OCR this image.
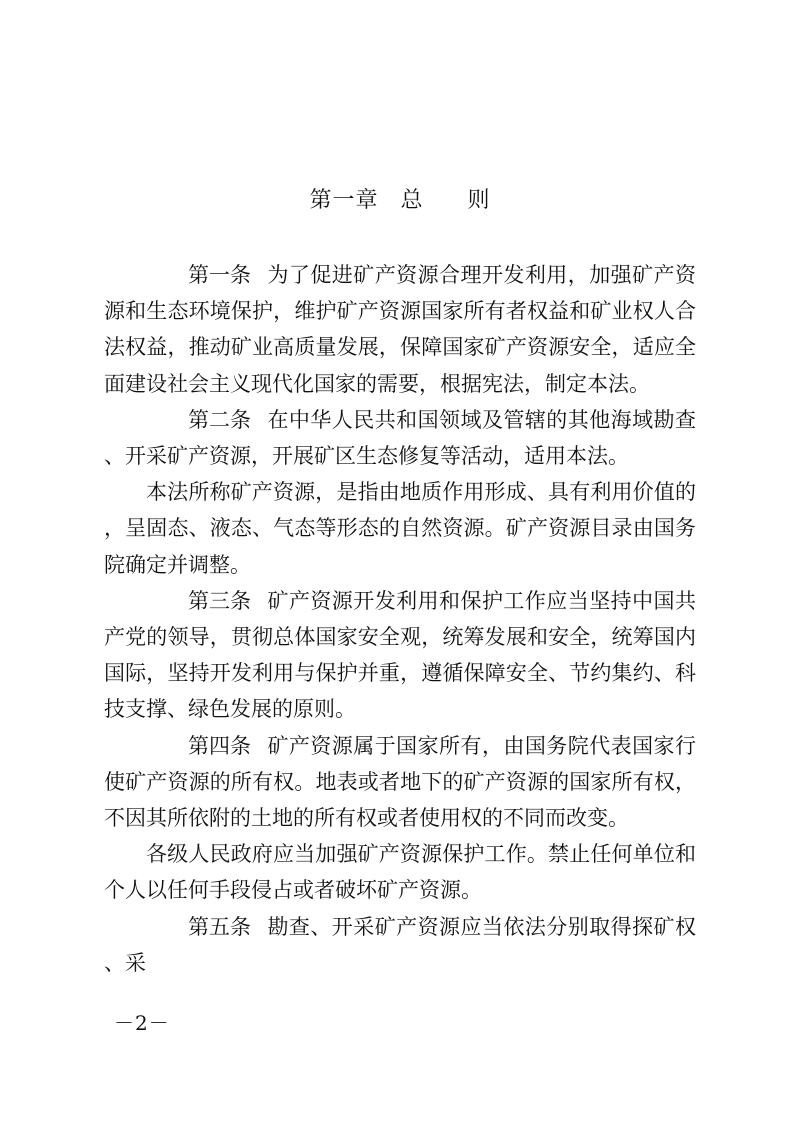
第一章 总 则

第一条 为了促进矿产资源合理开发利用，加强矿产资源和生态环境保护，维护矿产资源国家所有者权益和矿业权人合法权益，推动矿业高质量发展，保障国家矿产资源安全，适应全面建设社会主义现代化国家的需要，根据宪法，制定本法。

第二条 在中华人民共和国领域及管辖的其他海域勘查、开采矿产资源，开展矿区生态修复等活动，适用本法。

本法所称矿产资源，是指由地质作用形成、具有利用价值的，呈固态、液态、气态等形态的自然资源。矿产资源目录由国务院确定并调整。

第三条 矿产资源开发利用和保护工作应当坚持中国共产党的领导，贯彻总体国家安全观，统筹发展和安全，统筹国内国际，坚持开发利用与保护并重，遵循保障安全、节约集约、科技支撑、绿色发展的原则。

第四条 矿产资源属于国家所有，由国务院代表国家行使矿产资源的所有权。地表或者地下的矿产资源的国家所有权，不因其所依附的土地的所有权或者使用权的不同而改变。

各级人民政府应当加强矿产资源保护工作。禁止任何单位和个人以任何手段侵占或者破坏矿产资源。

第五条 勘查、开采矿产资源应当依法分别取得探矿权、采

－2－
